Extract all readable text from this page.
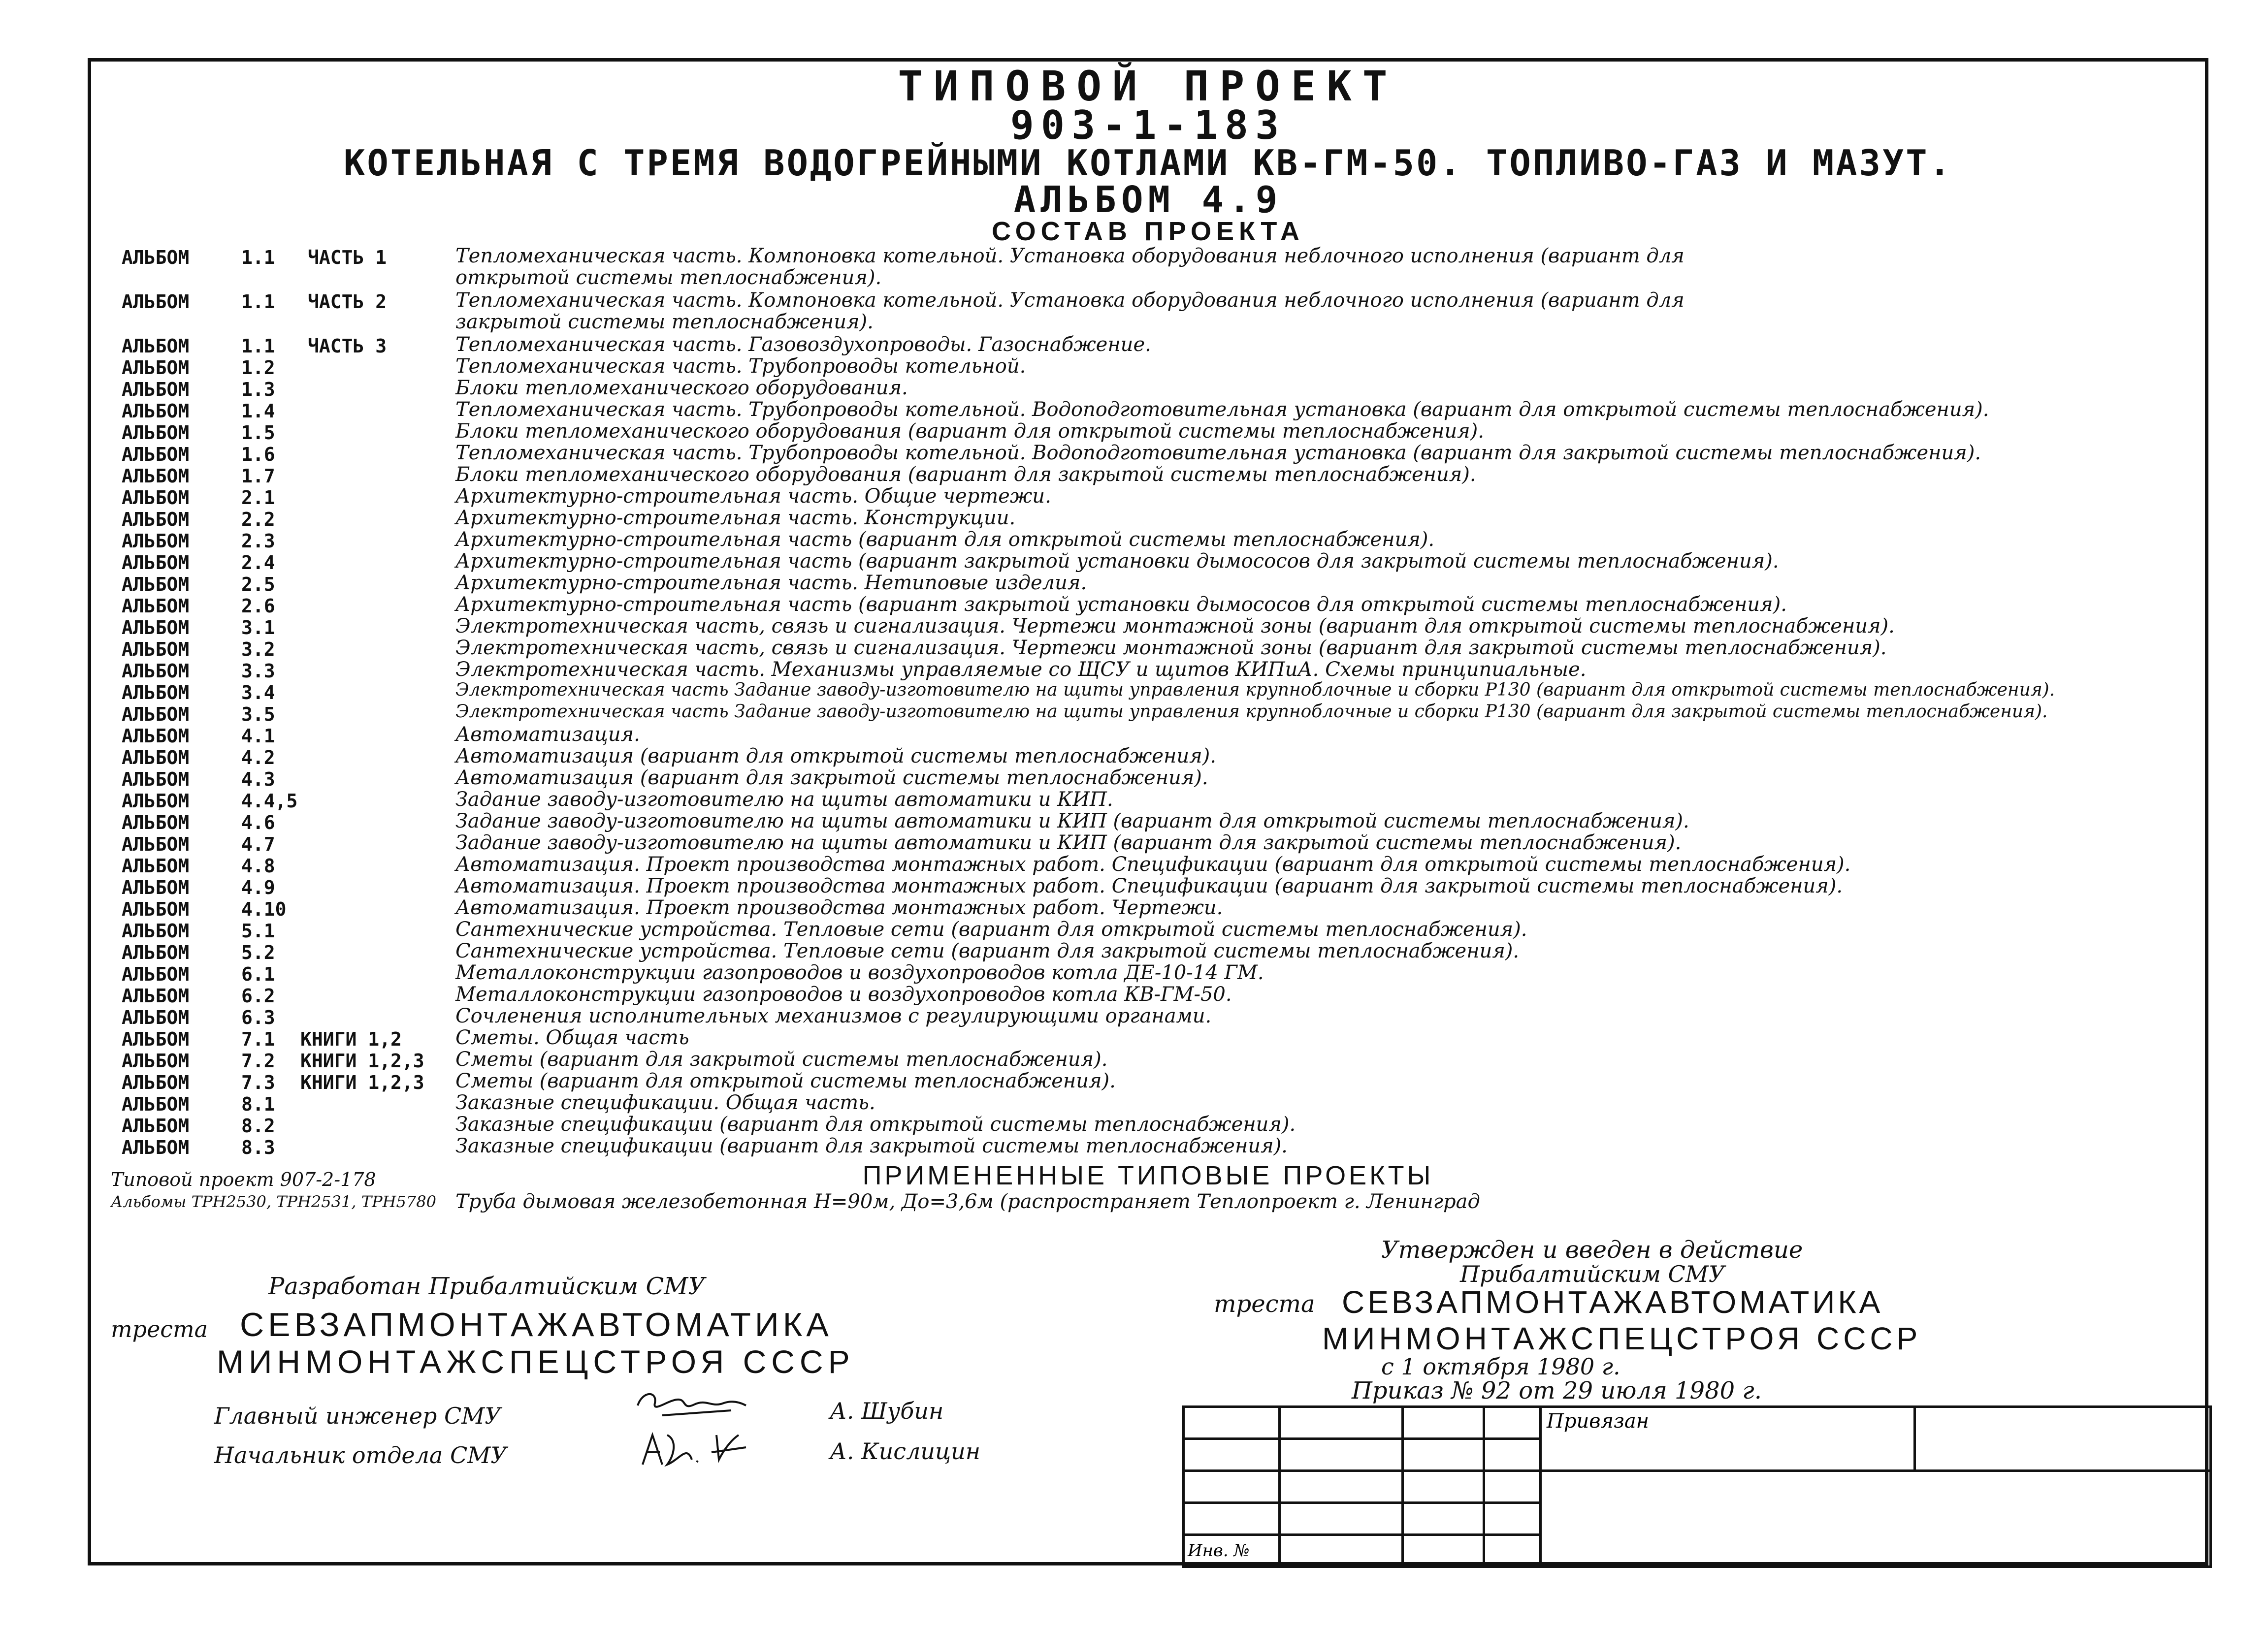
ТИПОВОЙ ПРОЕКТ
903-1-183
КОТЕЛЬНАЯ С ТРЕМЯ ВОДОГРЕЙНЫМИ КОТЛАМИ КВ-ГМ-50. ТОПЛИВО-ГАЗ И МАЗУТ.
АЛЬБОМ 4.9
СОСТАВ ПРОЕКТА
АЛЬБОМ	1.1 ЧАСТЬ 1	Тепломеханическая часть. Компоновка котельной. Установка оборудования неблочного исполнения (вариант для
открытой системы теплоснабжения).
АЛЬБОМ	1.1 ЧАСТЬ 2	Тепломеханическая часть. Компоновка котельной. Установка оборудования неблочного исполнения (вариант для
закрытой системы теплоснабжения).
АЛЬБОМ	1.1 ЧАСТЬ 3	Тепломеханическая часть. Газовоздухопроводы. Газоснабжение.
АЛЬБОМ	1.2	Тепломеханическая часть. Трубопроводы котельной.
АЛЬБОМ	1.3	Блоки тепломеханического оборудования.
АЛЬБОМ	1.4	Тепломеханическая часть. Трубопроводы котельной. Водоподготовительная установка (вариант для открытой системы теплоснабжения).
АЛЬБОМ	1.5	Блоки тепломеханического оборудования (вариант для открытой системы теплоснабжения).
АЛЬБОМ	1.6	Тепломеханическая часть. Трубопроводы котельной. Водоподготовительная установка (вариант для закрытой системы теплоснабжения).
АЛЬБОМ	1.7	Блоки тепломеханического оборудования (вариант для закрытой системы теплоснабжения).
АЛЬБОМ	2.1	Архитектурно-строительная часть. Общие чертежи.
АЛЬБОМ	2.2	Архитектурно-строительная часть. Конструкции.
АЛЬБОМ	2.3	Архитектурно-строительная часть (вариант для открытой системы теплоснабжения).
АЛЬБОМ	2.4	Архитектурно-строительная часть (вариант закрытой установки дымососов для закрытой системы теплоснабжения).
АЛЬБОМ	2.5	Архитектурно-строительная часть. Нетиповые изделия.
АЛЬБОМ	2.6	Архитектурно-строительная часть (вариант закрытой установки дымососов для открытой системы теплоснабжения).
АЛЬБОМ	3.1	Электротехническая часть, связь и сигнализация. Чертежи монтажной зоны (вариант для открытой системы теплоснабжения).
АЛЬБОМ	3.2	Электротехническая часть, связь и сигнализация. Чертежи монтажной зоны (вариант для закрытой системы теплоснабжения).
АЛЬБОМ	3.3	Электротехническая часть. Механизмы управляемые со ЩСУ и щитов КИПиА. Схемы принципиальные.
АЛЬБОМ	3.4	Электротехническая часть Задание заводу-изготовителю на щиты управления крупноблочные и сборки Р130 (вариант для открытой системы теплоснабжения).
АЛЬБОМ	3.5	Электротехническая часть Задание заводу-изготовителю на щиты управления крупноблочные и сборки Р130 (вариант для закрытой системы теплоснабжения).
АЛЬБОМ	4.1	Автоматизация.
АЛЬБОМ	4.2	Автоматизация (вариант для открытой системы теплоснабжения).
АЛЬБОМ	4.3	Автоматизация (вариант для закрытой системы теплоснабжения).
АЛЬБОМ	4.4,5	Задание заводу-изготовителю на щиты автоматики и КИП.
АЛЬБОМ	4.6	Задание заводу-изготовителю на щиты автоматики и КИП (вариант для открытой системы теплоснабжения).
АЛЬБОМ	4.7	Задание заводу-изготовителю на щиты автоматики и КИП (вариант для закрытой системы теплоснабжения).
АЛЬБОМ	4.8	Автоматизация. Проект производства монтажных работ. Спецификации (вариант для открытой системы теплоснабжения).
АЛЬБОМ	4.9	Автоматизация. Проект производства монтажных работ. Спецификации (вариант для закрытой системы теплоснабжения).
АЛЬБОМ	4.10	Автоматизация. Проект производства монтажных работ. Чертежи.
АЛЬБОМ	5.1	Сантехнические устройства. Тепловые сети (вариант для открытой системы теплоснабжения).
АЛЬБОМ	5.2	Сантехнические устройства. Тепловые сети (вариант для закрытой системы теплоснабжения).
АЛЬБОМ	6.1	Металлоконструкции газопроводов и воздухопроводов котла ДЕ-10-14 ГМ.
АЛЬБОМ	6.2	Металлоконструкции газопроводов и воздухопроводов котла КВ-ГМ-50.
АЛЬБОМ	6.3	Сочленения исполнительных механизмов с регулирующими органами.
АЛЬБОМ	7.1 КНИГИ 1,2	Сметы. Общая часть
АЛЬБОМ	7.2 КНИГИ 1,2,3 Сметы (вариант для закрытой системы теплоснабжения).
АЛЬБОМ	7.3 КНИГИ 1,2,3 Сметы (вариант для открытой системы теплоснабжения).
АЛЬБОМ	8.1	Заказные спецификации. Общая часть.
АЛЬБОМ	8.2	Заказные спецификации (вариант для открытой системы теплоснабжения).
АЛЬБОМ	8.3	Заказные спецификации (вариант для закрытой системы теплоснабжения).
ПРИМЕНЕННЫЕ ТИПОВЫЕ ПРОЕКТЫ
Типовой проект 907-2-178
Альбомы ТРН2530, ТРН2531, ТРН5780 Труба дымовая железобетонная Н=90м, До=3,6м (распространяет Теплопроект г. Ленинград
Утвержден и введен в действие
Прибалтийским СМУ
треста СЕВЗАПМОНТАЖАВТОМАТИКА
МИНМОНТАЖСПЕЦСТРОЯ СССР
с 1 октября 1980 г.
Приказ № 92 от 29 июля 1980 г.
Разработан Прибалтийским СМУ
треста СЕВЗАПМОНТАЖАВТОМАТИКА
МИНМОНТАЖСПЕЦСТРОЯ СССР
Главный инженер СМУ	А. Шубин
Начальник отдела СМУ	А. Кислицин

				Привязан	

Инв. №					
